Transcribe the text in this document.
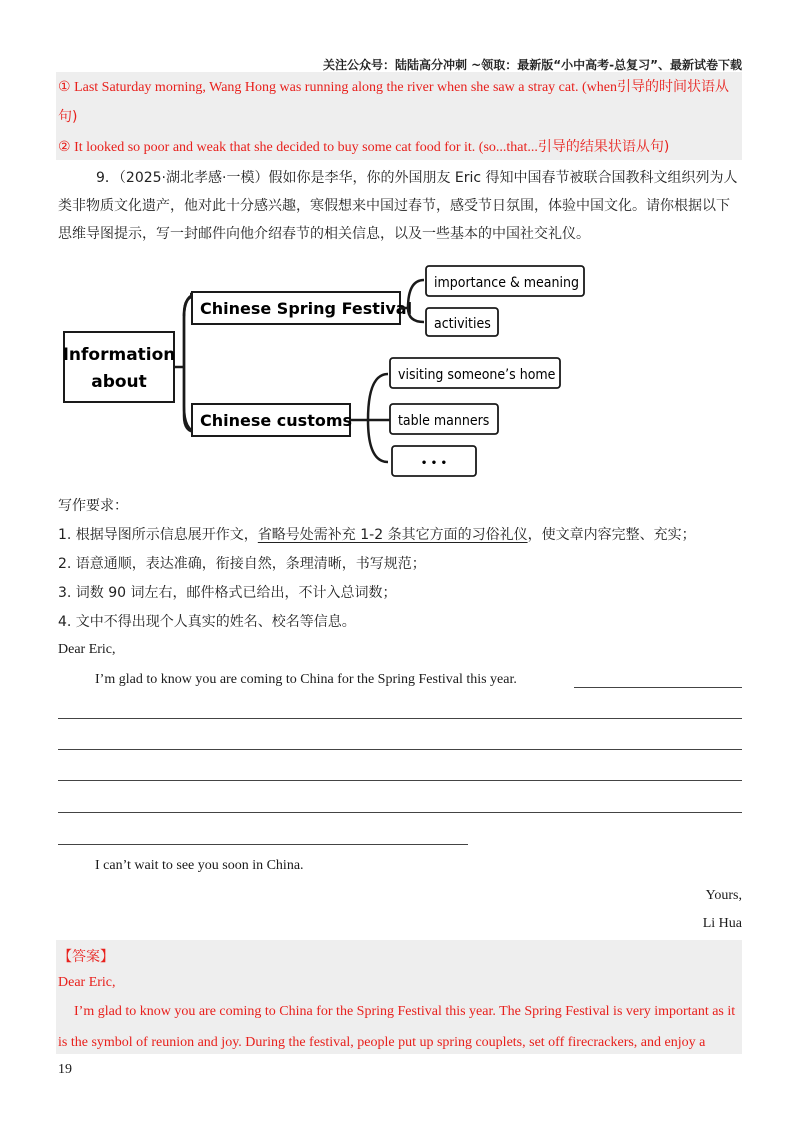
关注公众号：陆陆高分冲刺 ~领取：最新版“小中高考-总复习”、最新试卷下载
① Last Saturday morning, Wang Hong was running along the river when she saw a stray cat. (when引导的时间状语从
句)
② It looked so poor and weak that she decided to buy some cat food for it. (so...that...引导的结果状语从句)
9．（2025·湖北孝感·一模）假如你是李华，你的外国朋友 Eric 得知中国春节被联合国教科文组织列为人
类非物质文化遗产，他对此十分感兴趣，寒假想来中国过春节，感受节日氛围，体验中国文化。请你根据以下
思维导图提示，写一封邮件向他介绍春节的相关信息，以及一些基本的中国社交礼仪。
Information
about
Chinese Spring Festival
importance & meaning
activities
Chinese customs
visiting someone’s home
table manners
• • •
写作要求：
1. 根据导图所示信息展开作文，省略号处需补充 1-2 条其它方面的习俗礼仪，使文章内容完整、充实；
2. 语意通顺，表达准确，衔接自然，条理清晰，书写规范；
3. 词数 90 词左右，邮件格式已给出，不计入总词数；
4. 文中不得出现个人真实的姓名、校名等信息。
Dear Eric,
I’m glad to know you are coming to China for the Spring Festival this year.
I can’t wait to see you soon in China.
Yours,
Li Hua
【答案】
Dear Eric,
I’m glad to know you are coming to China for the Spring Festival this year. The Spring Festival is very important as it
is the symbol of reunion and joy. During the festival, people put up spring couplets, set off firecrackers, and enjoy a
19
